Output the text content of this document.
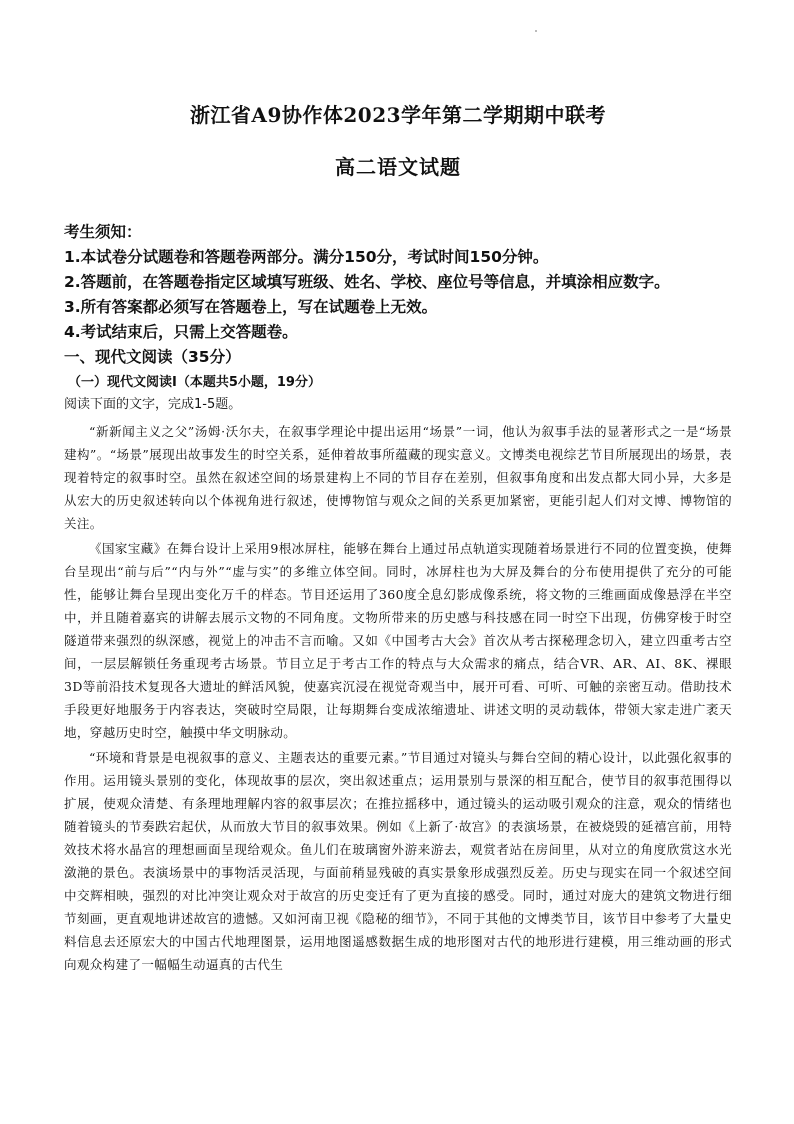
浙江省A9协作体2023学年第二学期期中联考
高二语文试题
考生须知：
1.本试卷分试题卷和答题卷两部分。满分150分，考试时间150分钟。
2.答题前，在答题卷指定区域填写班级、姓名、学校、座位号等信息，并填涂相应数字。
3.所有答案都必须写在答题卷上，写在试题卷上无效。
4.考试结束后，只需上交答题卷。
一、现代文阅读（35分）
（一）现代文阅读Ⅰ（本题共5小题，19分）
阅读下面的文字，完成1-5题。

“新新闻主义之父”汤姆·沃尔夫，在叙事学理论中提出运用“场景”一词，他认为叙事手法的显著形式之一是“场景建构”。“场景”展现出故事发生的时空关系，延伸着故事所蕴藏的现实意义。文博类电视综艺节目所展现出的场景，表现着特定的叙事时空。虽然在叙述空间的场景建构上不同的节目存在差别，但叙事角度和出发点都大同小异，大多是从宏大的历史叙述转向以个体视角进行叙述，使博物馆与观众之间的关系更加紧密，更能引起人们对文博、博物馆的关注。

《国家宝藏》在舞台设计上采用9根冰屏柱，能够在舞台上通过吊点轨道实现随着场景进行不同的位置变换，使舞台呈现出“前与后”“内与外”“虚与实”的多维立体空间。同时，冰屏柱也为大屏及舞台的分布使用提供了充分的可能性，能够让舞台呈现出变化万千的样态。节目还运用了360度全息幻影成像系统，将文物的三维画面成像悬浮在半空中，并且随着嘉宾的讲解去展示文物的不同角度。文物所带来的历史感与科技感在同一时空下出现，仿佛穿梭于时空隧道带来强烈的纵深感，视觉上的冲击不言而喻。又如《中国考古大会》首次从考古探秘理念切入，建立四重考古空间，一层层解锁任务重现考古场景。节目立足于考古工作的特点与大众需求的痛点，结合VR、AR、AI、8K、裸眼3D等前沿技术复现各大遗址的鲜活风貌，使嘉宾沉浸在视觉奇观当中，展开可看、可听、可触的亲密互动。借助技术手段更好地服务于内容表达，突破时空局限，让每期舞台变成浓缩遗址、讲述文明的灵动载体，带领大家走进广袤天地，穿越历史时空，触摸中华文明脉动。

“环境和背景是电视叙事的意义、主题表达的重要元素。”节目通过对镜头与舞台空间的精心设计，以此强化叙事的作用。运用镜头景别的变化，体现故事的层次，突出叙述重点；运用景别与景深的相互配合，使节目的叙事范围得以扩展，使观众清楚、有条理地理解内容的叙事层次；在推拉摇移中，通过镜头的运动吸引观众的注意，观众的情绪也随着镜头的节奏跌宕起伏，从而放大节目的叙事效果。例如《上新了·故宫》的表演场景，在被烧毁的延禧宫前，用特效技术将水晶宫的理想画面呈现给观众。鱼儿们在玻璃窗外游来游去，观赏者站在房间里，从对立的角度欣赏这水光潋滟的景色。表演场景中的事物活灵活现，与面前稍显残破的真实景象形成强烈反差。历史与现实在同一个叙述空间中交辉相映，强烈的对比冲突让观众对于故宫的历史变迁有了更为直接的感受。同时，通过对庞大的建筑文物进行细节刻画，更直观地讲述故宫的遗憾。又如河南卫视《隐秘的细节》，不同于其他的文博类节目，该节目中参考了大量史料信息去还原宏大的中国古代地理图景，运用地图遥感数据生成的地形图对古代的地形进行建模，用三维动画的形式向观众构建了一幅幅生动逼真的古代生
